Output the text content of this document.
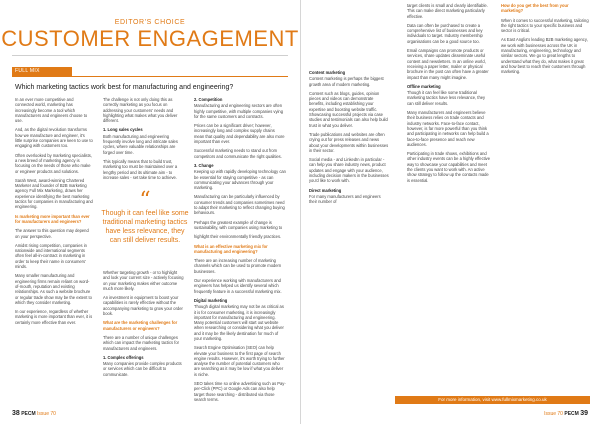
EDITOR'S CHOICE
CUSTOMER ENGAGEMENT
FULL MIX MARKETING
Which marketing tactics work best for manufacturing and engineering?

In an ever more competitive and connected world, marketing has increasingly become a tool which manufacturers and engineers choose to use.

And, as the digital revolution transforms how we manufacture and engineer, it's little surprise companies are keen to use to engaging with customers too.

Often overlooked by marketing specialists, a new breed of marketing agency is focusing on the needs of those who make or engineer products and solutions.

Sarah West, award-winning Chartered Marketer and founder of B2B marketing agency Full Mix Marketing, draws her experience identifying the best marketing tactics for companies in manufacturing and engineering.

Is marketing more important than ever for manufacturers and engineers?

The answer to this question may depend on your perspective.

Amidst rising competition, companies in nationwide and international segments often feel all-in-contract in marketing in order to keep their name in consumers' minds.

Many smaller manufacturing and engineering firms remain reliant on word-of-mouth, reputation and existing relationships. As such a website brochure or regular trade show may be the extent to which they consider marketing.

In our experience, regardless of whether marketing is more important than ever, it is certainly more effective than ever.

The challenge is not only doing this as correctly marketing as you focus on addressing your customers' needs and highlighting what makes what you deliver different.

1. Long sales cycles

Both manufacturing and engineering frequently involve long and intricate sales cycles, where valuable relationships are forged over time.

This typically means that to build trust, marketing too must be maintained over a lengthy period and its ultimate aim - to increase sales - set take time to achieve.

“
Though it can feel like some traditional marketing tactics have less relevance, they can still deliver results.

Whether targeting growth - or to highlight and look your current size - actively focusing on your marketing makes either outcome much more likely.

An investment in equipment to boost your capabilities is rarely effective without the accompanying marketing to grow your order book.

What are the marketing challenges for manufacturers or engineers?

There are a number of unique challenges which can impact the marketing tactics for manufacturers and engineers.

1. Complex offerings

Many companies provide complex products or services which can be difficult to communicate.

2. Competition

Manufacturing and engineering sectors are often highly competitive, with multiple companies vying for the same customers and contracts.

Prices can be a significant driver; however, increasingly long and complex supply chains mean that quality and dependability are also more important than ever.

Successful marketing needs to stand out from competitors and communicate the right qualities.

3. Change

Keeping up with rapidly developing technology can be essential for staying competitive - as can communicating your advances through your marketing.

Manufacturing can be particularly influenced by consumer trends and companies sometimes need to adapt their marketing to reflect changing buying behaviours.

Perhaps the greatest example of change is sustainability, with companies using marketing to

highlight their environmentally friendly practices.

What is an effective marketing mix for manufacturing and engineering?

There are an increasing number of marketing channels which can be used to promote modern businesses.

Our experience working with manufacturers and engineers has helped us identify several which frequently feature in a successful marketing mix.

Digital marketing

Though digital marketing may not be as critical as it is for consumer marketing, it is increasingly important for manufacturing and engineering. Many potential customers will start out website when researching or considering what you deliver and it may be the likely destination for much of your marketing.

Search Engine Optimisation (SEO) can help elevate your business to the first page of search engine results. However, it's worth trying to further analyse the number of potential customers who are searching as it may be low if what you deliver is niche.

SEO takes time so online advertising such as Pay-per-Click (PPC) or Google Ads can also help target those searching - distributed via those search terms.

38 PECM Issue 70

Content marketing

Content marketing is perhaps the biggest growth area of modern marketing.

Content such as blogs, guides, opinion pieces and videos can demonstrate benefits, including establishing your expertise and boosting website traffic. Showcasing successful projects via case studies and testimonials can also help build trust in what you deliver.

Trade publications and websites are often crying out for press releases and news about your developments within businesses in their sector.

Social media - and LinkedIn in particular - can help you share industry news, product updates and engage with your audience, including decision makers in the businesses you'd like to work with.

Direct marketing

For many manufacturers and engineers their number of

target clients is small and clearly identifiable. This can make direct marketing particularly effective.

Data can often be purchased to create a comprehensive list of businesses and key individuals to target. Industry membership organisations can be a good source too.

Email campaigns can promote products or services, share updates disseminate useful content and newsletters. In an online world, receiving a paper letter, mailer or physical brochure in the post can often have a greater impact than many might imagine.

Offline marketing

Though it can feel like some traditional marketing tactics have less relevance, they can still deliver results.

Many manufacturers and engineers believe their business relies on trade contacts and industry networks. Face-to-face contact, however, is far more powerful than you think and participating in networks can help build a face-to-face presence and reach new audiences.

Participating in trade shows, exhibitions and other industry events can be a highly effective way to showcase your capabilities and meet the clients you want to work with. An active show strategy to follow up the contacts made is essential.

How do you get the best from your marketing?

When it comes to successful marketing, tailoring the right tactics to your specific business and sector is critical.

As East Anglia's leading B2B marketing agency, we work with businesses across the UK in manufacturing, engineering, technology and similar sectors. We go to great lengths to understand what they do, what makes it great and how best to reach their customers through marketing.

For more information, visit www.fullmixmarketing.co.uk
Issue 70 PECM 39
